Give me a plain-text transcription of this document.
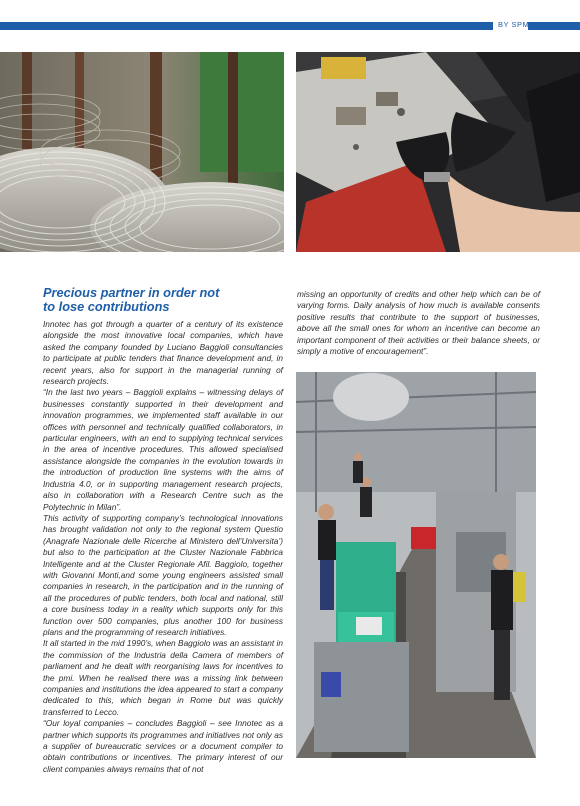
BY SPM
Precious partner in order not
to lose contributions

Innotec has got through a quarter of a century of its existence alongside the most innovative local companies, which have asked the company founded by Luciano Baggioli consultancies to participate at public tenders that finance development and, in recent years, also for support in the managerial running of research projects.

“In the last two years – Baggioli explains – witnessing delays of businesses constantly supported in their development and innovation programmes, we implemented staff available in our offices with personnel and technically qualified collaborators, in particular engineers, with an end to supplying technical services in the area of incentive procedures. This allowed specialised assistance alongside the companies in the evolution towards in the introduction of production line systems with the aims of Industria 4.0, or in supporting management research projects, also in collaboration with a Research Centre such as the Polytechnic in Milan”.

This activity of supporting company’s technological innovations has brought validation not only to the regional system Questio (Anagrafe Nazionale delle Ricerche al Ministero dell’Universita’) but also to the participation at the Cluster Nazionale Fabbrica Intelligente and at the Cluster Regionale Afil. Baggiolo, together with Giovanni Monti,and some young engineers assisted small companies in research, in the participation and in the running of all the procedures of public tenders, both local and national, still a core business today in a reality which supports only for this function over 500 companies, plus another 100 for business plans and the programming of research initiatives.

It all started in the mid 1990’s, when Baggiolo was an assistant in the commission of the Industria della Camera of members of parliament and he dealt with reorganising laws for incentives to the pmi. When he realised there was a missing link between companies and institutions the idea appeared to start a company dedicated to this, which began in Rome but was quickly transferred to Lecco.

“Our loyal companies – concludes Baggioli – see Innotec as a partner which supports its programmes and initiatives not only as a supplier of bureaucratic services or a document compiler to obtain contributions or incentives. The primary interest of our client companies always remains that of not

missing an opportunity of credits and other help which can be of varying forms. Daily analysis of how much is available consents positive results that contribute to the support of businesses, above all the small ones for whom an incentive can become an important component of their activities or their balance sheets, or simply a motive of encouragement”.
